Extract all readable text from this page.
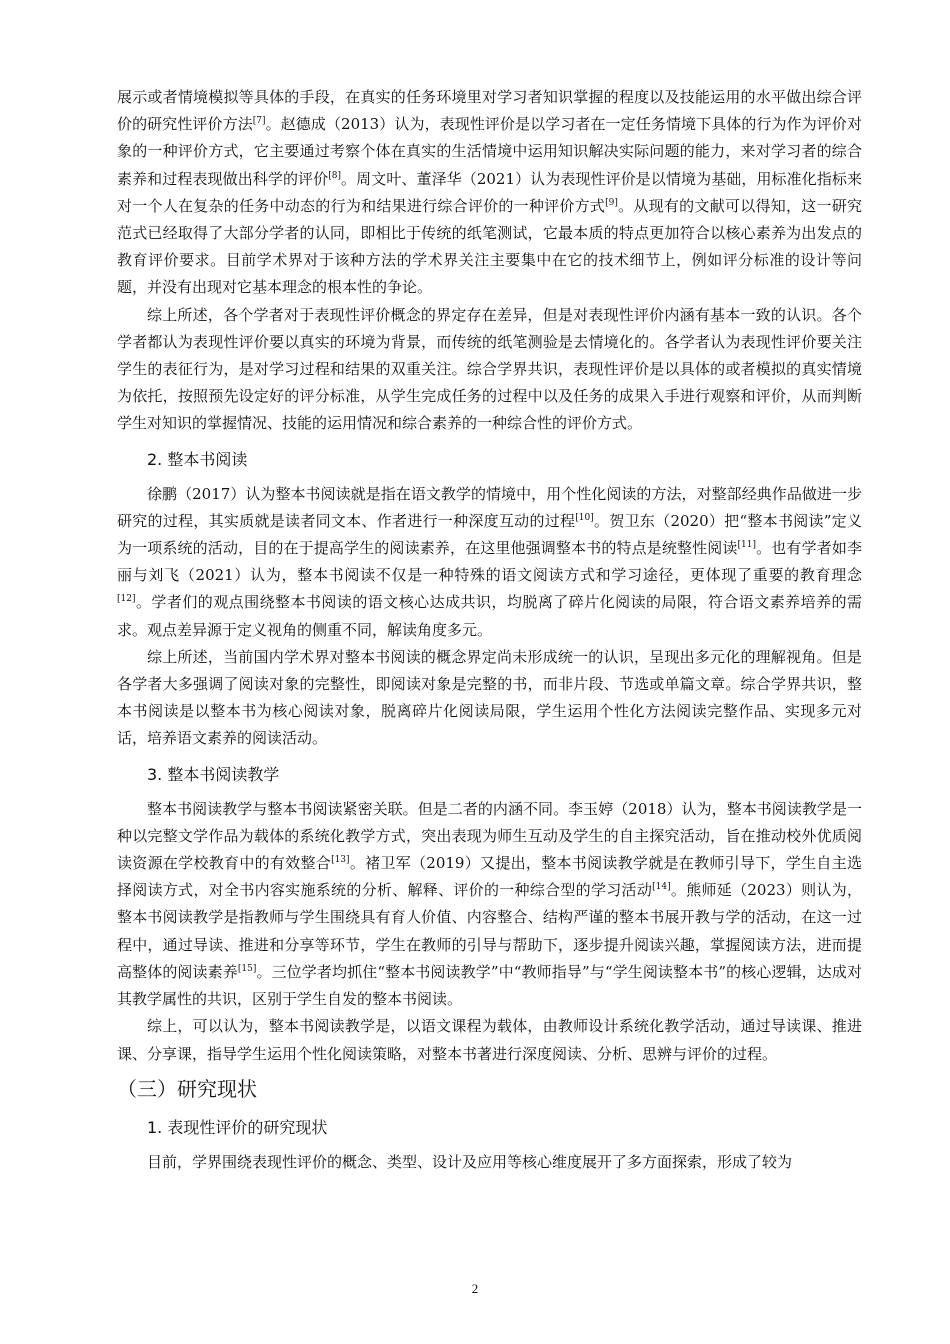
展示或者情境模拟等具体的手段，在真实的任务环境里对学习者知识掌握的程度以及技能运用的水平做出综合评价的研究性评价方法[7]。赵德成（2013）认为，表现性评价是以学习者在一定任务情境下具体的行为作为评价对象的一种评价方式，它主要通过考察个体在真实的生活情境中运用知识解决实际问题的能力，来对学习者的综合素养和过程表现做出科学的评价[8]。周文叶、董泽华（2021）认为表现性评价是以情境为基础，用标准化指标来对一个人在复杂的任务中动态的行为和结果进行综合评价的一种评价方式[9]。从现有的文献可以得知，这一研究范式已经取得了大部分学者的认同，即相比于传统的纸笔测试，它最本质的特点更加符合以核心素养为出发点的教育评价要求。目前学术界对于该种方法的学术界关注主要集中在它的技术细节上，例如评分标准的设计等问题，并没有出现对它基本理念的根本性的争论。

综上所述，各个学者对于表现性评价概念的界定存在差异，但是对表现性评价内涵有基本一致的认识。各个学者都认为表现性评价要以真实的环境为背景，而传统的纸笔测验是去情境化的。各学者认为表现性评价要关注学生的表征行为，是对学习过程和结果的双重关注。综合学界共识，表现性评价是以具体的或者模拟的真实情境为依托，按照预先设定好的评分标准，从学生完成任务的过程中以及任务的成果入手进行观察和评价，从而判断学生对知识的掌握情况、技能的运用情况和综合素养的一种综合性的评价方式。

2. 整本书阅读

徐鹏（2017）认为整本书阅读就是指在语文教学的情境中，用个性化阅读的方法，对整部经典作品做进一步研究的过程，其实质就是读者同文本、作者进行一种深度互动的过程[10]。贺卫东（2020）把“整本书阅读”定义为一项系统的活动，目的在于提高学生的阅读素养，在这里他强调整本书的特点是统整性阅读[11]。也有学者如李丽与刘飞（2021）认为，整本书阅读不仅是一种特殊的语文阅读方式和学习途径，更体现了重要的教育理念[12]。学者们的观点围绕整本书阅读的语文核心达成共识，均脱离了碎片化阅读的局限，符合语文素养培养的需求。观点差异源于定义视角的侧重不同，解读角度多元。

综上所述，当前国内学术界对整本书阅读的概念界定尚未形成统一的认识，呈现出多元化的理解视角。但是各学者大多强调了阅读对象的完整性，即阅读对象是完整的书，而非片段、节选或单篇文章。综合学界共识，整本书阅读是以整本书为核心阅读对象，脱离碎片化阅读局限，学生运用个性化方法阅读完整作品、实现多元对话，培养语文素养的阅读活动。

3. 整本书阅读教学

整本书阅读教学与整本书阅读紧密关联。但是二者的内涵不同。李玉婷（2018）认为，整本书阅读教学是一种以完整文学作品为载体的系统化教学方式，突出表现为师生互动及学生的自主探究活动，旨在推动校外优质阅读资源在学校教育中的有效整合[13]。褚卫军（2019）又提出，整本书阅读教学就是在教师引导下，学生自主选择阅读方式，对全书内容实施系统的分析、解释、评价的一种综合型的学习活动[14]。熊师延（2023）则认为，整本书阅读教学是指教师与学生围绕具有育人价值、内容整合、结构严谨的整本书展开教与学的活动，在这一过程中，通过导读、推进和分享等环节，学生在教师的引导与帮助下，逐步提升阅读兴趣，掌握阅读方法，进而提高整体的阅读素养[15]。三位学者均抓住“整本书阅读教学”中“教师指导”与“学生阅读整本书”的核心逻辑，达成对其教学属性的共识，区别于学生自发的整本书阅读。

综上，可以认为，整本书阅读教学是，以语文课程为载体，由教师设计系统化教学活动，通过导读课、推进课、分享课，指导学生运用个性化阅读策略，对整本书著进行深度阅读、分析、思辨与评价的过程。

（三）研究现状
1. 表现性评价的研究现状

目前，学界围绕表现性评价的概念、类型、设计及应用等核心维度展开了多方面探索，形成了较为

2
